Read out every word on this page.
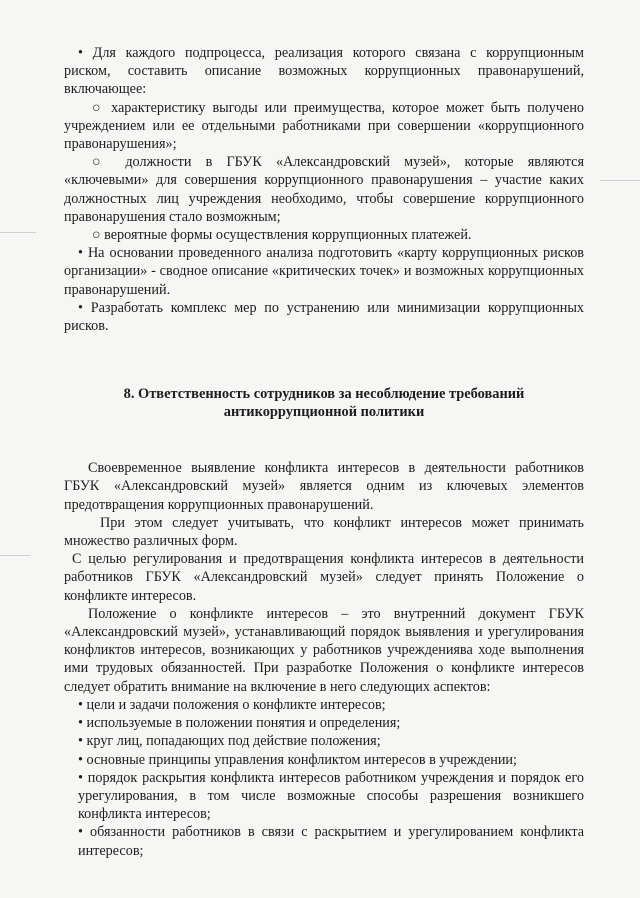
• Для каждого подпроцесса, реализация которого связана с коррупционным риском, составить описание возможных коррупционных правонарушений, включающее:

○ характеристику выгоды или преимущества, которое может быть получено учреждением или ее отдельными работниками при совершении «коррупционного правонарушения»;

○ должности в ГБУК «Александровский музей», которые являются «ключевыми» для совершения коррупционного правонарушения – участие каких должностных лиц учреждения необходимо, чтобы совершение коррупционного правонарушения стало возможным;

○ вероятные формы осуществления коррупционных платежей.

• На основании проведенного анализа подготовить «карту коррупционных рисков организации» - сводное описание «критических точек» и возможных коррупционных правонарушений.

• Разработать комплекс мер по устранению или минимизации коррупционных рисков.

8. Ответственность сотрудников за несоблюдение требований

антикоррупционной политики

Своевременное выявление конфликта интересов в деятельности работников ГБУК «Александровский музей» является одним из ключевых элементов предотвращения коррупционных правонарушений.

При этом следует учитывать, что конфликт интересов может принимать множество различных форм.

С целью регулирования и предотвращения конфликта интересов в деятельности работников ГБУК «Александровский музей» следует принять Положение о конфликте интересов.

Положение о конфликте интересов – это внутренний документ ГБУК «Александровский музей», устанавливающий порядок выявления и урегулирования конфликтов интересов, возникающих у работников учреждениява ходе выполнения ими трудовых обязанностей. При разработке Положения о конфликте интересов следует обратить внимание на включение в него следующих аспектов:

• цели и задачи положения о конфликте интересов;

• используемые в положении понятия и определения;

• круг лиц, попадающих под действие положения;

• основные принципы управления конфликтом интересов в учреждении;

• порядок раскрытия конфликта интересов работником учреждения и порядок его урегулирования, в том числе возможные способы разрешения возникшего конфликта интересов;

• обязанности работников в связи с раскрытием и урегулированием конфликта интересов;
